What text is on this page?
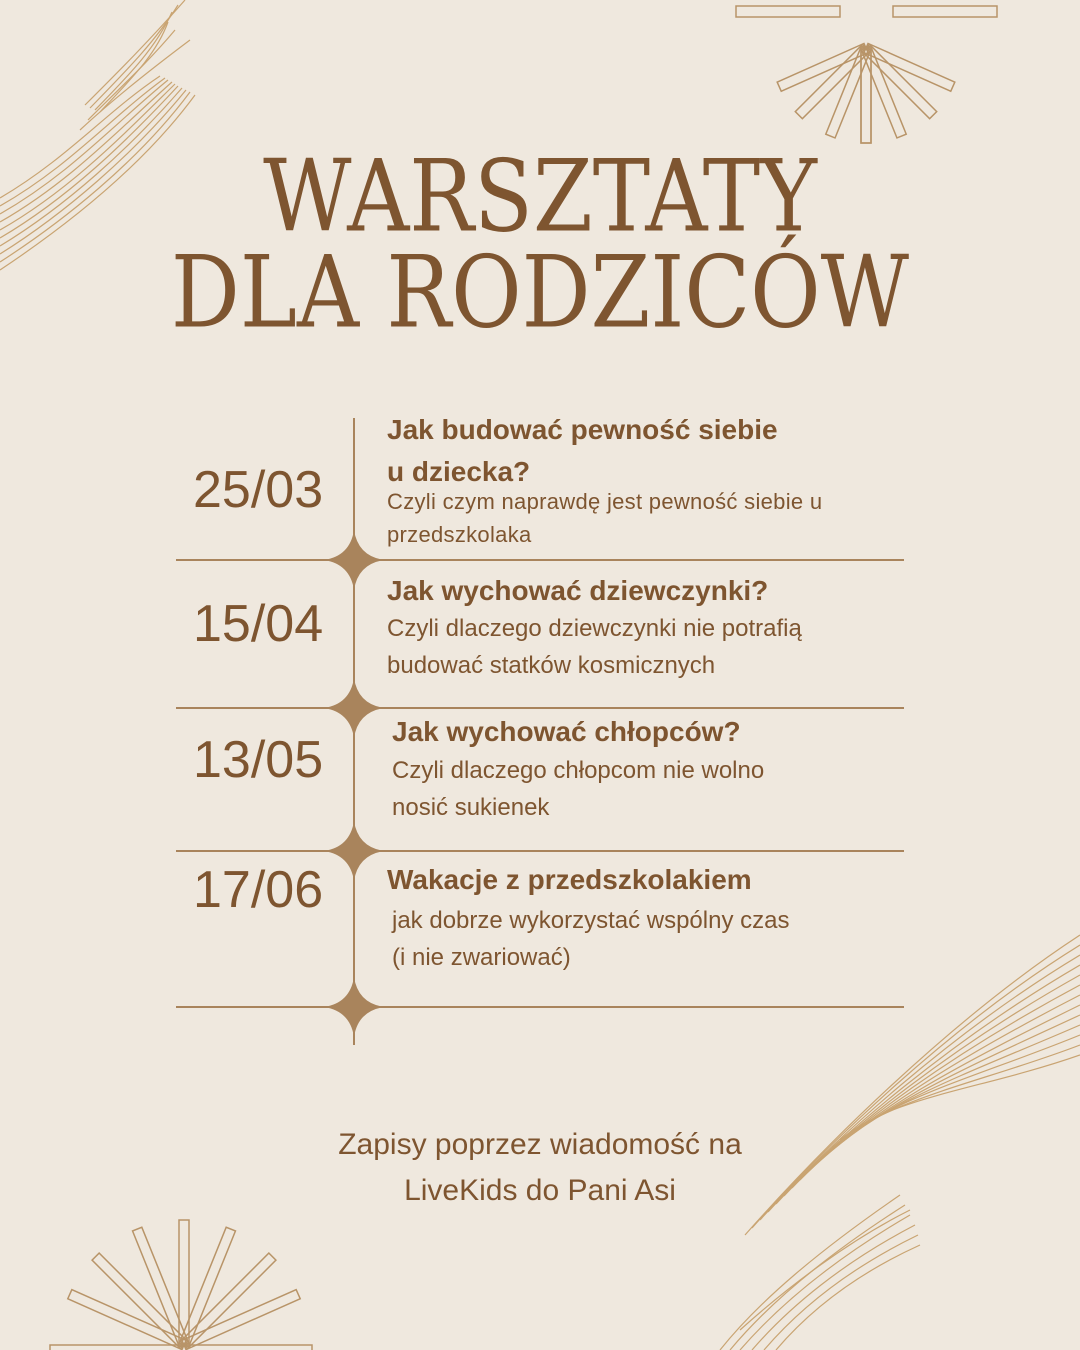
WARSZTATY
DLA RODZICÓW
25/03
Jak budować pewność siebie
u dziecka?
Czyli czym naprawdę jest pewność siebie u
przedszkolaka
15/04
Jak wychować dziewczynki?
Czyli dlaczego dziewczynki nie potrafią
budować statków kosmicznych
13/05	Jak wychować chłopców?
Czyli dlaczego chłopcom nie wolno
nosić sukienek
17/06	Wakacje z przedszkolakiem
jak dobrze wykorzystać wspólny czas
(i nie zwariować)
Zapisy poprzez wiadomość na
LiveKids do Pani Asi
